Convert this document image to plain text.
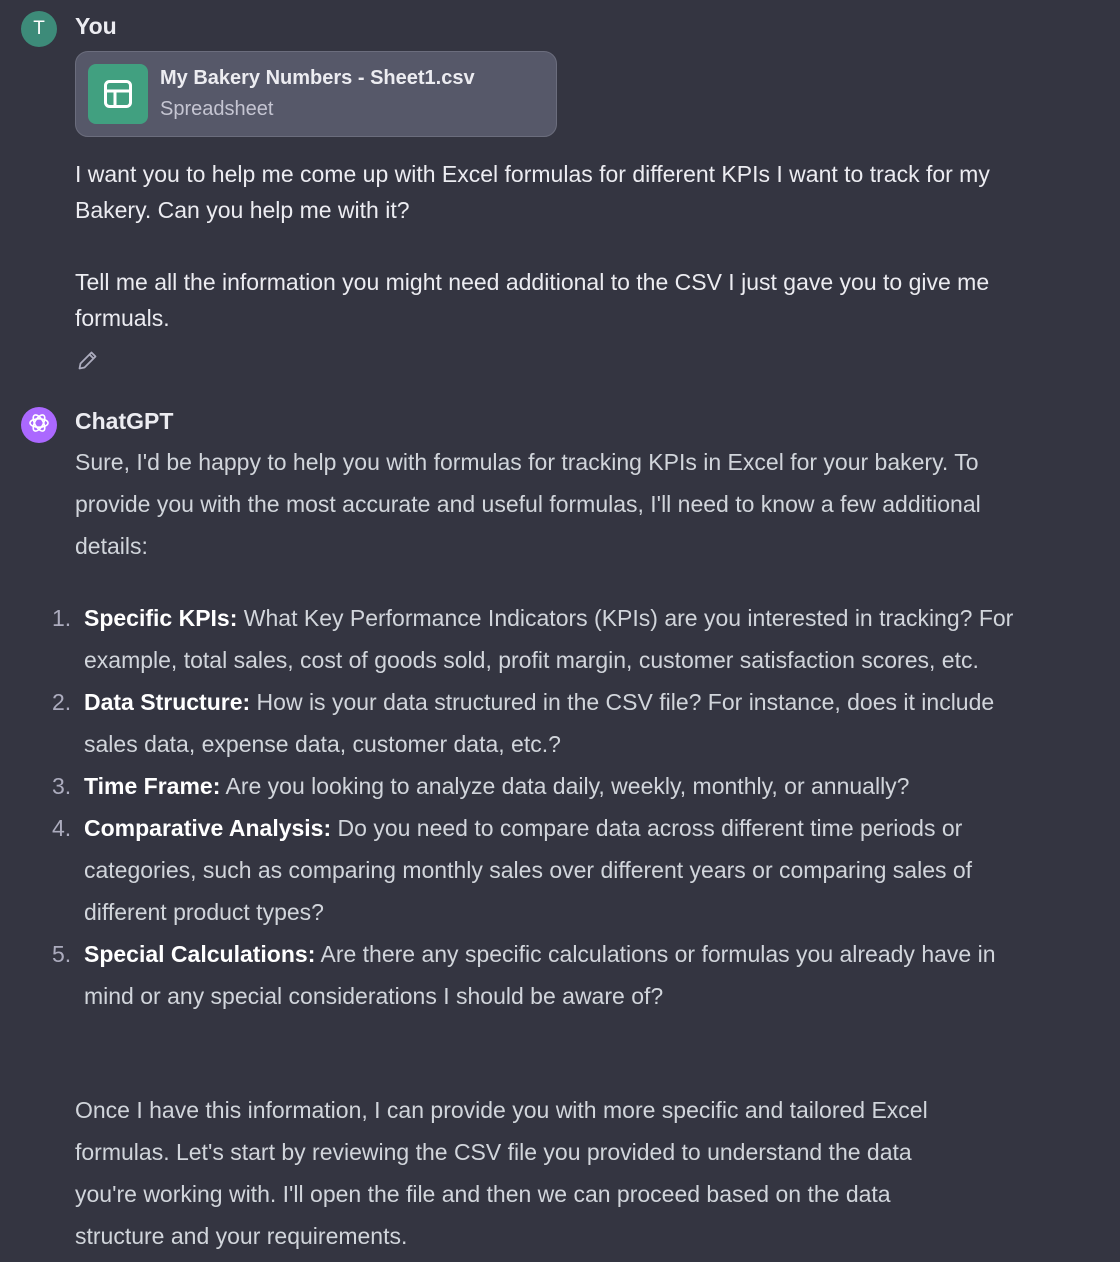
T You
My Bakery Numbers - Sheet1.csv
Spreadsheet
I want you to help me come up with Excel formulas for different KPIs I want to track for my Bakery. Can you help me with it?
Tell me all the information you might need additional to the CSV I just gave you to give me formuals.
ChatGPT
Sure, I'd be happy to help you with formulas for tracking KPIs in Excel for your bakery. To provide you with the most accurate and useful formulas, I'll need to know a few additional details:
1. Specific KPIs: What Key Performance Indicators (KPIs) are you interested in tracking? For example, total sales, cost of goods sold, profit margin, customer satisfaction scores, etc.
2. Data Structure: How is your data structured in the CSV file? For instance, does it include sales data, expense data, customer data, etc.?
3. Time Frame: Are you looking to analyze data daily, weekly, monthly, or annually?
4. Comparative Analysis: Do you need to compare data across different time periods or categories, such as comparing monthly sales over different years or comparing sales of different product types?
5. Special Calculations: Are there any specific calculations or formulas you already have in mind or any special considerations I should be aware of?
Once I have this information, I can provide you with more specific and tailored Excel formulas. Let's start by reviewing the CSV file you provided to understand the data you're working with. I'll open the file and then we can proceed based on the data structure and your requirements.
